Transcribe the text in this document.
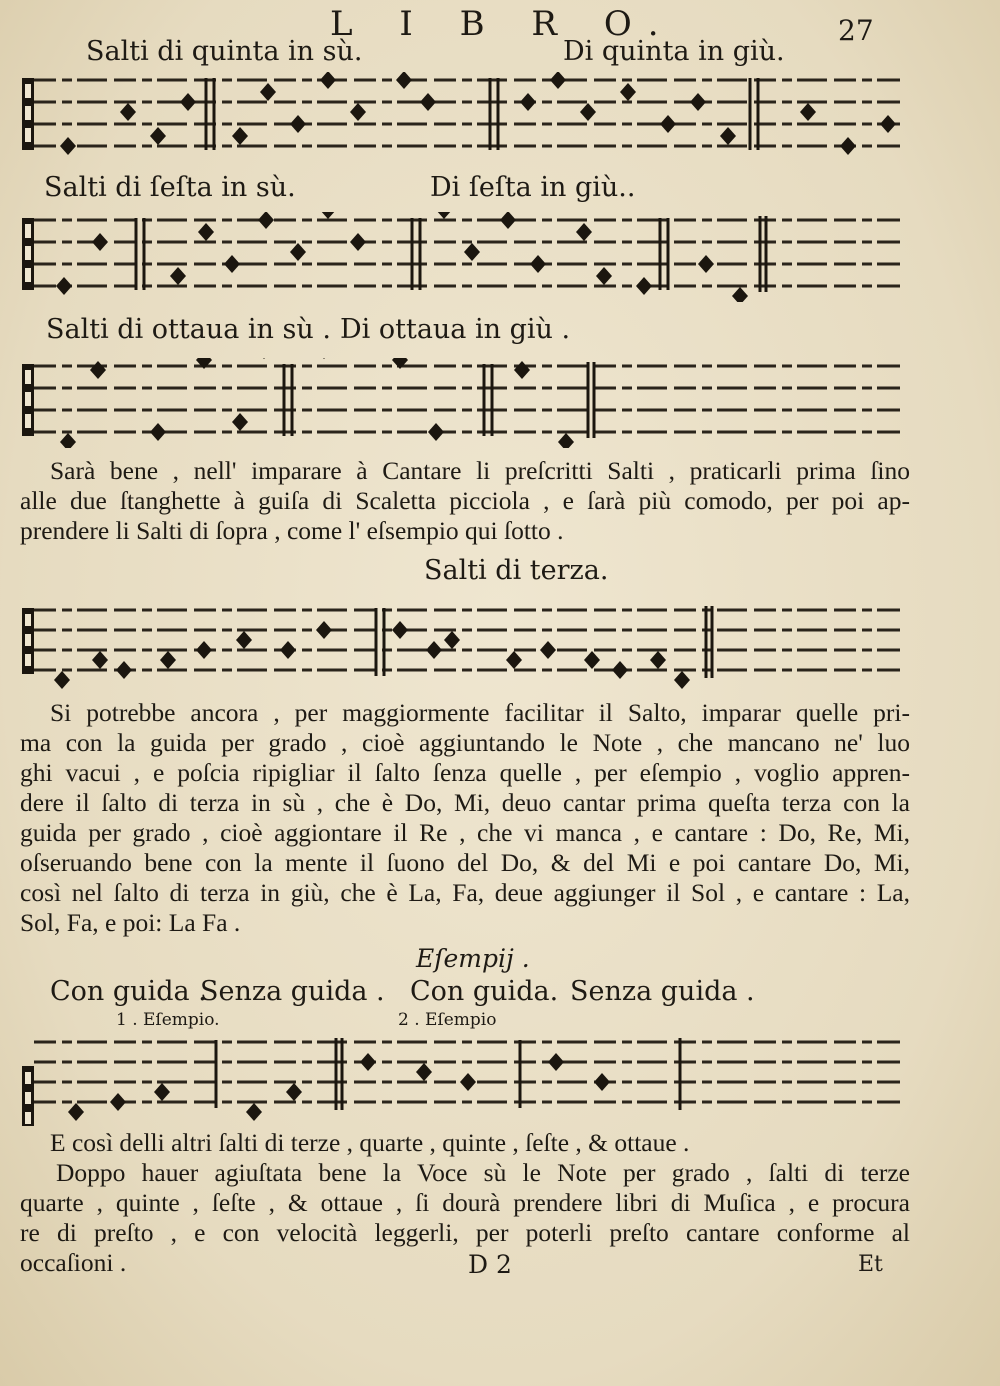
L I B R O.	27
Salti di quinta in sù.	Di quinta in giù.
Salti di ſeſta in sù.	Di ſeſta in giù..
Salti di ottaua in sù . Di ottaua in giù .
Sarà bene , nell' imparare à Cantare li preſcritti Salti , praticarli prima ſino
alle due ſtanghette à guiſa di Scaletta picciola , e ſarà più comodo, per poi ap-
prendere li Salti di ſopra , come l' eſsempio qui ſotto .
Salti di terza.
Si potrebbe ancora , per maggiormente facilitar il Salto, imparar quelle pri-
ma con la guida per grado , cioè aggiuntando le Note , che mancano ne' luo
ghi vacui , e poſcia ripigliar il ſalto ſenza quelle , per eſempio , voglio appren-
dere il ſalto di terza in sù , che è Do, Mi, deuo cantar prima queſta terza con la
guida per grado , cioè aggiontare il Re , che vi manca , e cantare : Do, Re, Mi,
oſseruando bene con la mente il ſuono del Do, & del Mi e poi cantare Do, Mi,
così nel ſalto di terza in giù, che è La, Fa, deue aggiunger il Sol , e cantare : La,
Sol, Fa, e poi: La Fa .
Eſempij .
Con guida .
Senza guida . Con guida. Senza guida .
1 . Eſempio.	2 . Eſempio
E così delli altri ſalti di terze , quarte , quinte , ſeſte , & ottaue .
Doppo hauer agiuſtata bene la Voce sù le Note per grado , ſalti di terze
quarte , quinte , ſeſte , & ottaue , ſi dourà prendere libri di Muſica , e procura
re di preſto , e con velocità leggerli, per poterli preſto cantare conforme al
occaſioni .	D 2	Et
